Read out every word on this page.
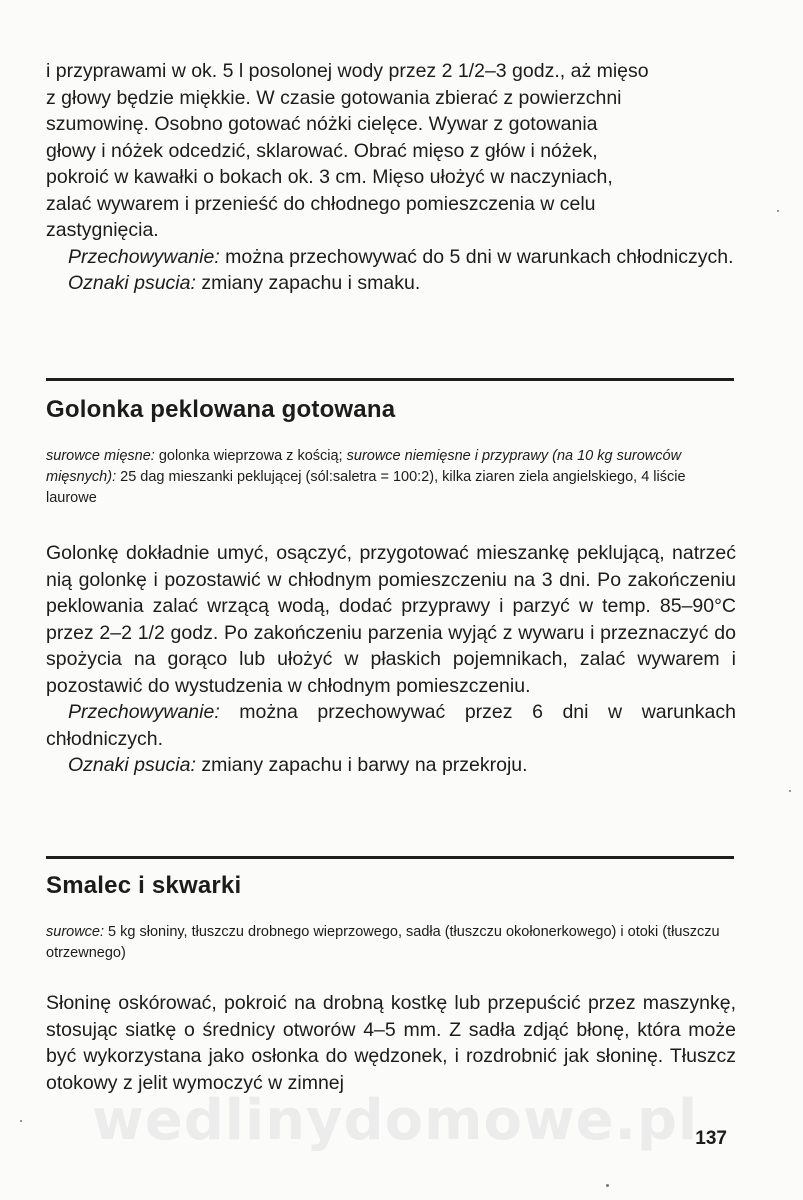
i przyprawami w ok. 5 l posolonej wody przez 2 1/2–3 godz., aż mięso

z głowy będzie miękkie. W czasie gotowania zbierać z powierzchni

szumowinę. Osobno gotować nóżki cielęce. Wywar z gotowania

głowy i nóżek odcedzić, sklarować. Obrać mięso z głów i nóżek,

pokroić w kawałki o bokach ok. 3 cm. Mięso ułożyć w naczyniach,

zalać wywarem i przenieść do chłodnego pomieszczenia w celu

zastygnięcia.

Przechowywanie: można przechowywać do 5 dni w warunkach chłodniczych.

Oznaki psucia: zmiany zapachu i smaku.

Golonka peklowana gotowana

surowce mięsne: golonka wieprzowa z kością; surowce niemięsne i przyprawy (na 10 kg surowców mięsnych): 25 dag mieszanki peklującej (sól:saletra = 100:2), kilka ziaren ziela angielskiego, 4 liście laurowe

Golonkę dokładnie umyć, osączyć, przygotować mieszankę peklującą, natrzeć nią golonkę i pozostawić w chłodnym pomieszczeniu na 3 dni. Po zakończeniu peklowania zalać wrzącą wodą, dodać przyprawy i parzyć w temp. 85–90°C przez 2–2 1/2 godz. Po zakończeniu parzenia wyjąć z wywaru i przeznaczyć do spożycia na gorąco lub ułożyć w płaskich pojemnikach, zalać wywarem i pozostawić do wystudzenia w chłodnym pomieszczeniu.

Przechowywanie: można przechowywać przez 6 dni w warunkach chłodniczych.

Oznaki psucia: zmiany zapachu i barwy na przekroju.

Smalec i skwarki

surowce: 5 kg słoniny, tłuszczu drobnego wieprzowego, sadła (tłuszczu okołonerkowego) i otoki (tłuszczu otrzewnego)

Słoninę oskórować, pokroić na drobną kostkę lub przepuścić przez maszynkę, stosując siatkę o średnicy otworów 4–5 mm. Z sadła zdjąć błonę, która może być wykorzystana jako osłonka do wędzonek, i rozdrobnić jak słoninę. Tłuszcz otokowy z jelit wymoczyć w zimnej

wedlinydomowe.pl
137
